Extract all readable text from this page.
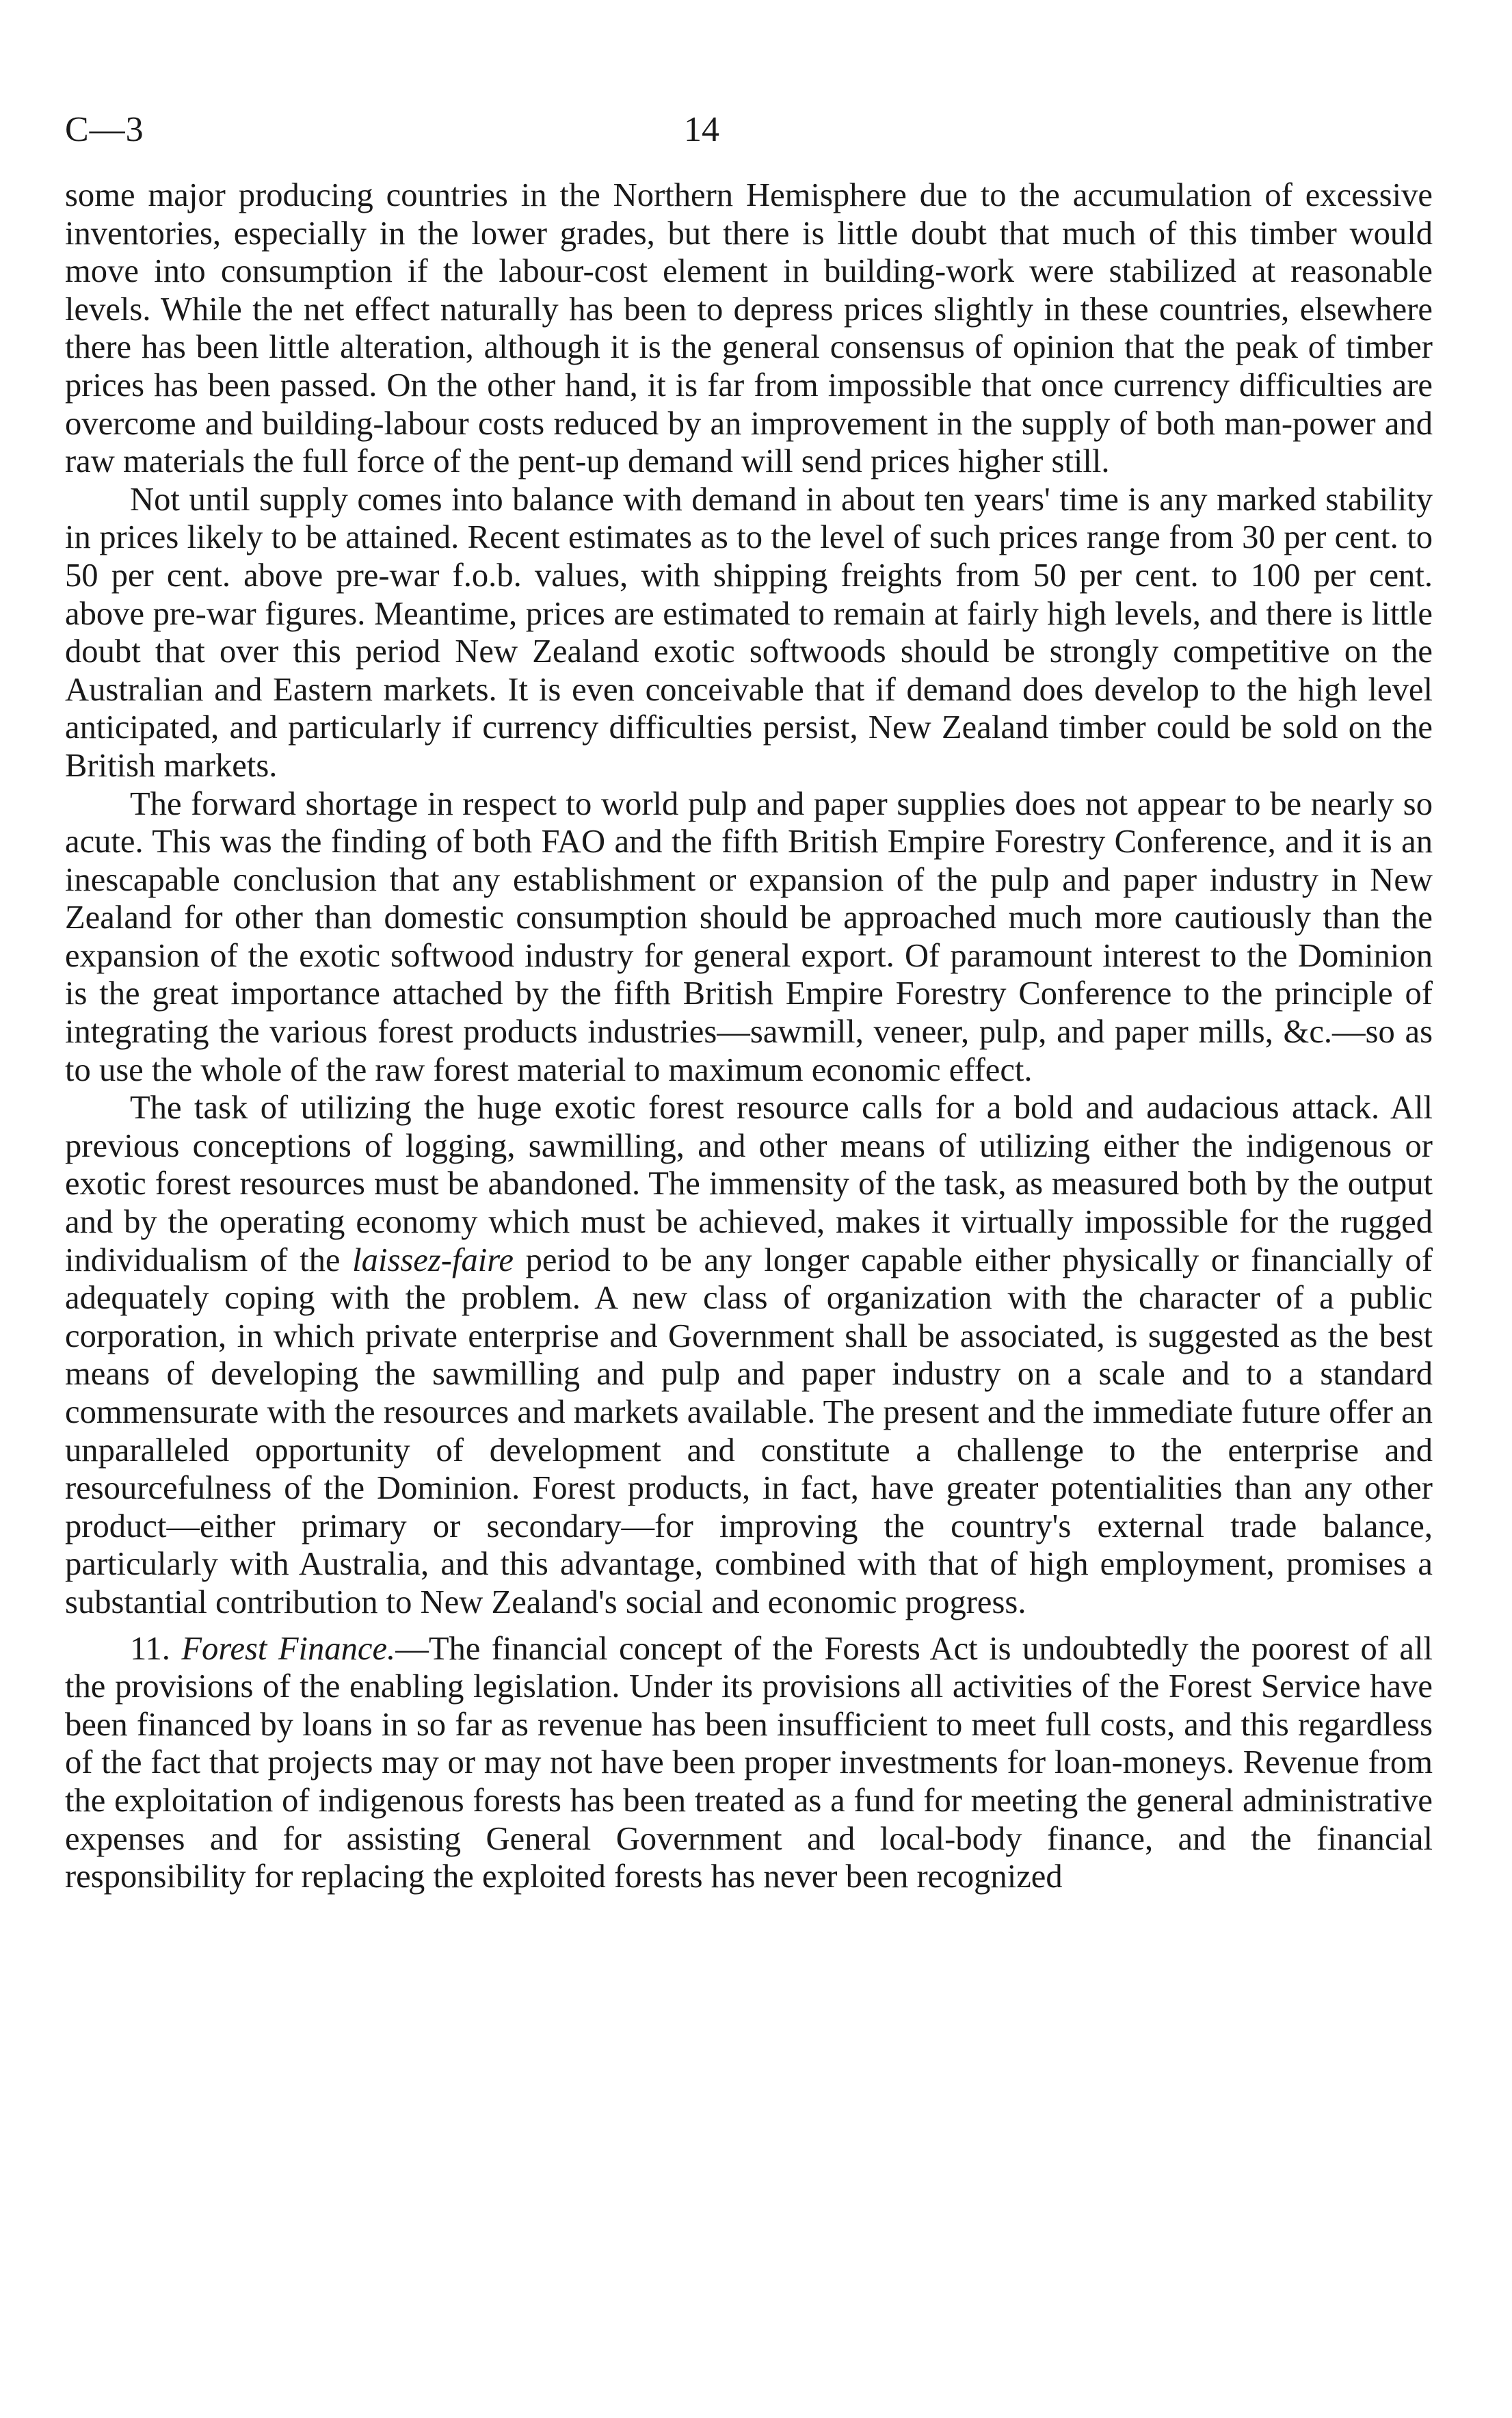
C—3	14

some major producing countries in the Northern Hemisphere due to the accumulation of excessive inventories, especially in the lower grades, but there is little doubt that much of this timber would move into consumption if the labour-cost element in building-work were stabilized at reasonable levels. While the net effect naturally has been to depress prices slightly in these countries, elsewhere there has been little alteration, although it is the general consensus of opinion that the peak of timber prices has been passed. On the other hand, it is far from impossible that once currency difficulties are overcome and building-labour costs reduced by an improvement in the supply of both man-power and raw materials the full force of the pent-up demand will send prices higher still.

Not until supply comes into balance with demand in about ten years' time is any marked stability in prices likely to be attained. Recent estimates as to the level of such prices range from 30 per cent. to 50 per cent. above pre-war f.o.b. values, with shipping freights from 50 per cent. to 100 per cent. above pre-war figures. Meantime, prices are estimated to remain at fairly high levels, and there is little doubt that over this period New Zealand exotic softwoods should be strongly competitive on the Australian and Eastern markets. It is even conceivable that if demand does develop to the high level anticipated, and particularly if currency difficulties persist, New Zealand timber could be sold on the British markets.

The forward shortage in respect to world pulp and paper supplies does not appear to be nearly so acute. This was the finding of both FAO and the fifth British Empire Forestry Conference, and it is an inescapable conclusion that any establishment or expansion of the pulp and paper industry in New Zealand for other than domestic consumption should be approached much more cautiously than the expansion of the exotic softwood industry for general export. Of paramount interest to the Dominion is the great importance attached by the fifth British Empire Forestry Conference to the principle of integrating the various forest products industries—sawmill, veneer, pulp, and paper mills, &c.—so as to use the whole of the raw forest material to maximum economic effect.

The task of utilizing the huge exotic forest resource calls for a bold and audacious attack. All previous conceptions of logging, sawmilling, and other means of utilizing either the indigenous or exotic forest resources must be abandoned. The immensity of the task, as measured both by the output and by the operating economy which must be achieved, makes it virtually impossible for the rugged individualism of the laissez-faire period to be any longer capable either physically or financially of adequately coping with the problem. A new class of organization with the character of a public corporation, in which private enterprise and Government shall be associated, is suggested as the best means of developing the sawmilling and pulp and paper industry on a scale and to a standard commensurate with the resources and markets available. The present and the immediate future offer an unparalleled opportunity of development and constitute a challenge to the enterprise and resourcefulness of the Dominion. Forest products, in fact, have greater potentialities than any other product—either primary or secondary—for improving the country's external trade balance, particularly with Australia, and this advantage, combined with that of high employment, promises a substantial contribution to New Zealand's social and economic progress.

11. Forest Finance.—The financial concept of the Forests Act is undoubtedly the poorest of all the provisions of the enabling legislation. Under its provisions all activities of the Forest Service have been financed by loans in so far as revenue has been insufficient to meet full costs, and this regardless of the fact that projects may or may not have been proper investments for loan-moneys. Revenue from the exploitation of indigenous forests has been treated as a fund for meeting the general administrative expenses and for assisting General Government and local-body finance, and the financial responsibility for replacing the exploited forests has never been recognized
